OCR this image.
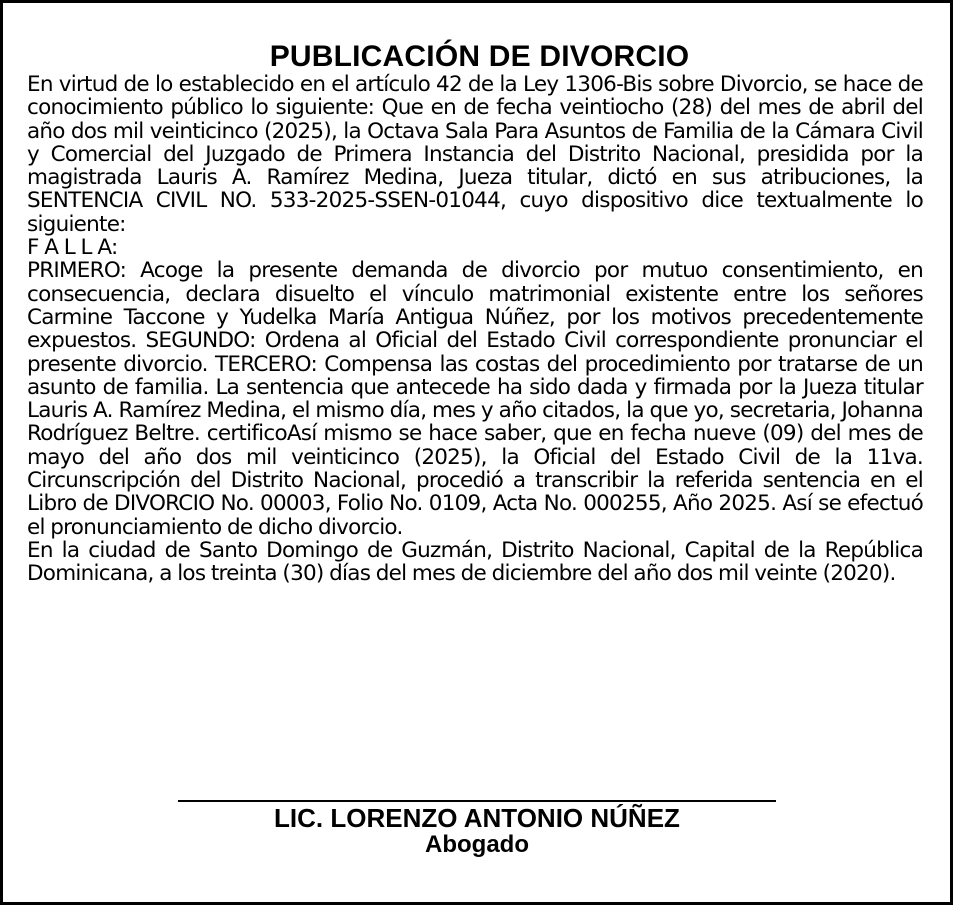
PUBLICACIÓN DE DIVORCIO

En virtud de lo establecido en el artículo 42 de la Ley 1306-Bis sobre Divorcio, se hace de conocimiento público lo siguiente: Que en de fecha veintiocho (28) del mes de abril del año dos mil veinticinco (2025), la Octava Sala Para Asuntos de Familia de la Cámara Civil y Comercial del Juzgado de Primera Instancia del Distrito Nacional, presidida por la magistrada Lauris A. Ramírez Medina, Jueza titular, dictó en sus atribuciones, la SENTENCIA CIVIL NO. 533-2025-SSEN-01044, cuyo dispositivo dice textualmente lo siguiente:

F A L L A:

PRIMERO: Acoge la presente demanda de divorcio por mutuo consentimiento, en consecuencia, declara disuelto el vínculo matrimonial existente entre los señores Carmine Taccone y Yudelka María Antigua Núñez, por los motivos precedentemente expuestos. SEGUNDO: Ordena al Oficial del Estado Civil correspondiente pronunciar el presente divorcio. TERCERO: Compensa las costas del procedimiento por tratarse de un asunto de familia. La sentencia que antecede ha sido dada y firmada por la Jueza titular Lauris A. Ramírez Medina, el mismo día, mes y año citados, la que yo, secretaria, Johanna Rodríguez Beltre. certificoAsí mismo se hace saber, que en fecha nueve (09) del mes de mayo del año dos mil veinticinco (2025), la Oficial del Estado Civil de la 11va. Circunscripción del Distrito Nacional, procedió a transcribir la referida sentencia en el Libro de DIVORCIO No. 00003, Folio No. 0109, Acta No. 000255, Año 2025. Así se efectuó el pronunciamiento de dicho divorcio.

En la ciudad de Santo Domingo de Guzmán, Distrito Nacional, Capital de la República Dominicana, a los treinta (30) días del mes de diciembre del año dos mil veinte (2020).

LIC. LORENZO ANTONIO NÚÑEZ
Abogado
